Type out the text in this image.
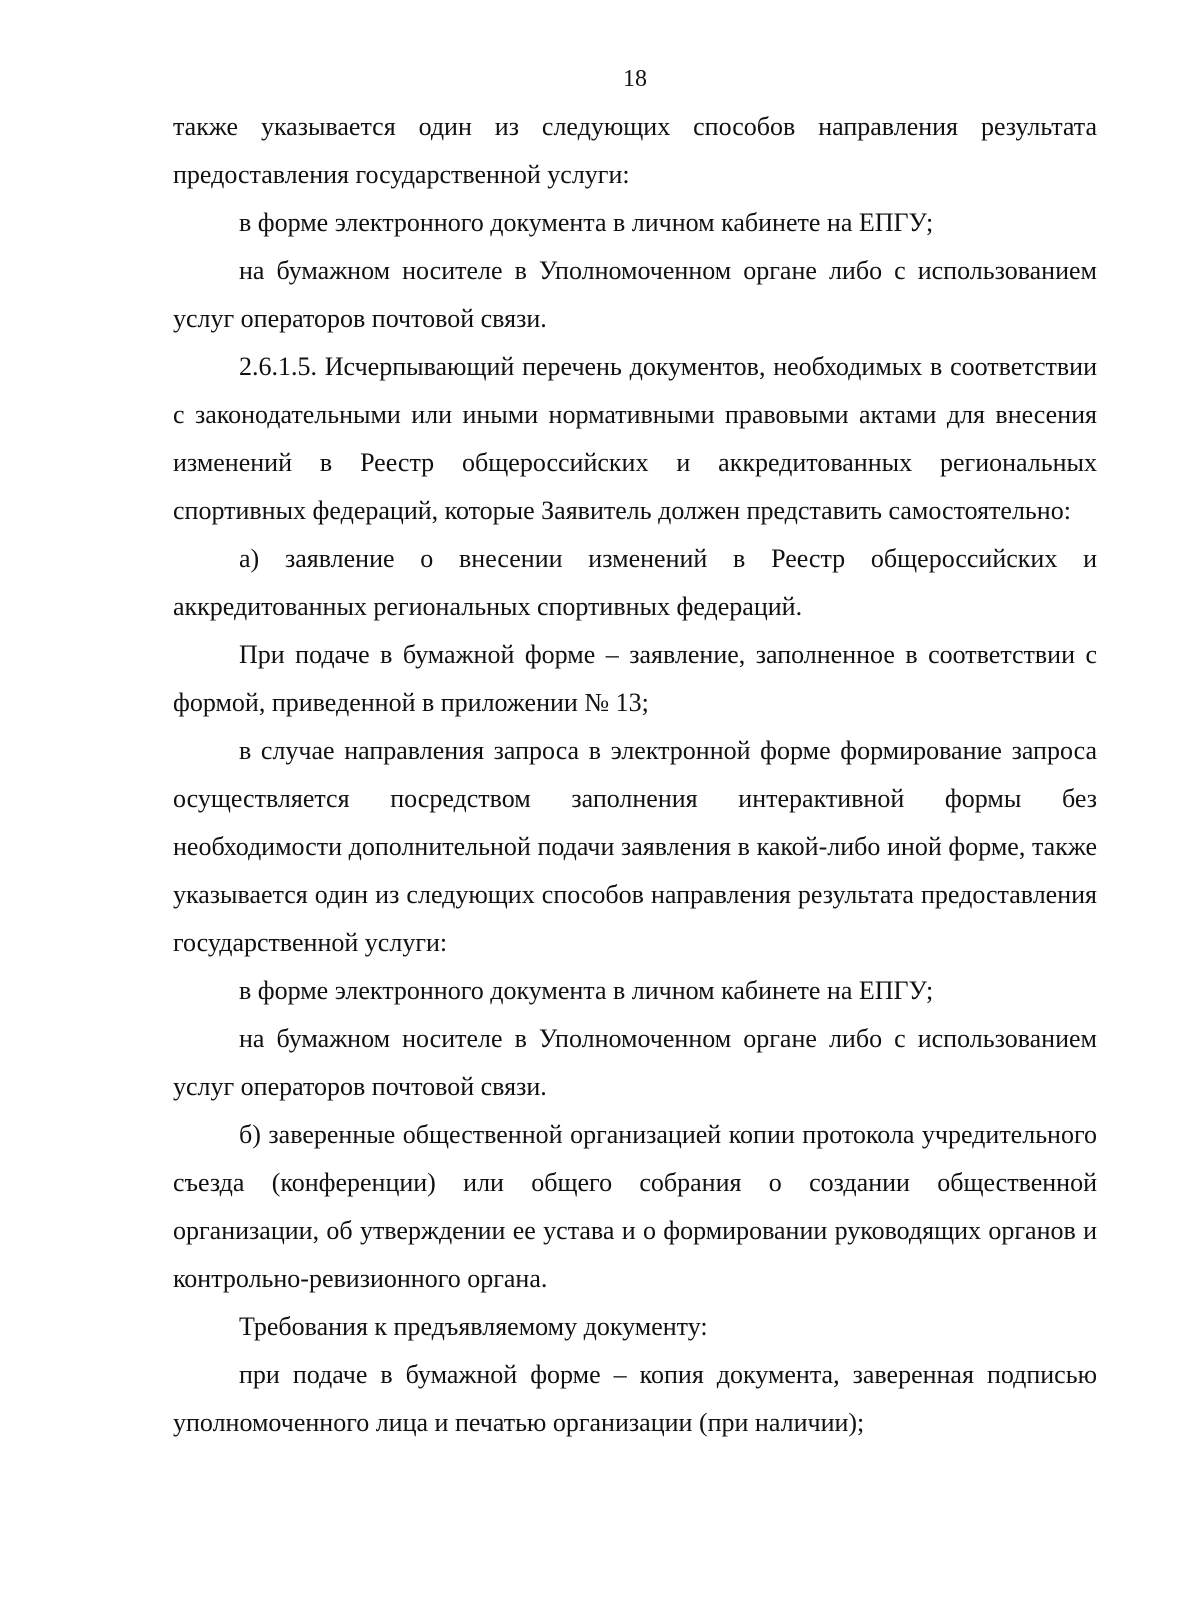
18

также указывается один из следующих способов направления результата предоставления государственной услуги:

в форме электронного документа в личном кабинете на ЕПГУ;

на бумажном носителе в Уполномоченном органе либо с использованием услуг операторов почтовой связи.

2.6.1.5. Исчерпывающий перечень документов, необходимых в соответствии с законодательными или иными нормативными правовыми актами для внесения изменений в Реестр общероссийских и аккредитованных региональных спортивных федераций, которые Заявитель должен представить самостоятельно:

а) заявление о внесении изменений в Реестр общероссийских и аккредитованных региональных спортивных федераций.

При подаче в бумажной форме – заявление, заполненное в соответствии с формой, приведенной в приложении № 13;

в случае направления запроса в электронной форме формирование запроса осуществляется посредством заполнения интерактивной формы без необходимости дополнительной подачи заявления в какой-либо иной форме, также указывается один из следующих способов направления результата предоставления государственной услуги:

в форме электронного документа в личном кабинете на ЕПГУ;

на бумажном носителе в Уполномоченном органе либо с использованием услуг операторов почтовой связи.

б) заверенные общественной организацией копии протокола учредительного съезда (конференции) или общего собрания о создании общественной организации, об утверждении ее устава и о формировании руководящих органов и контрольно-ревизионного органа.

Требования к предъявляемому документу:

при подаче в бумажной форме – копия документа, заверенная подписью уполномоченного лица и печатью организации (при наличии);
